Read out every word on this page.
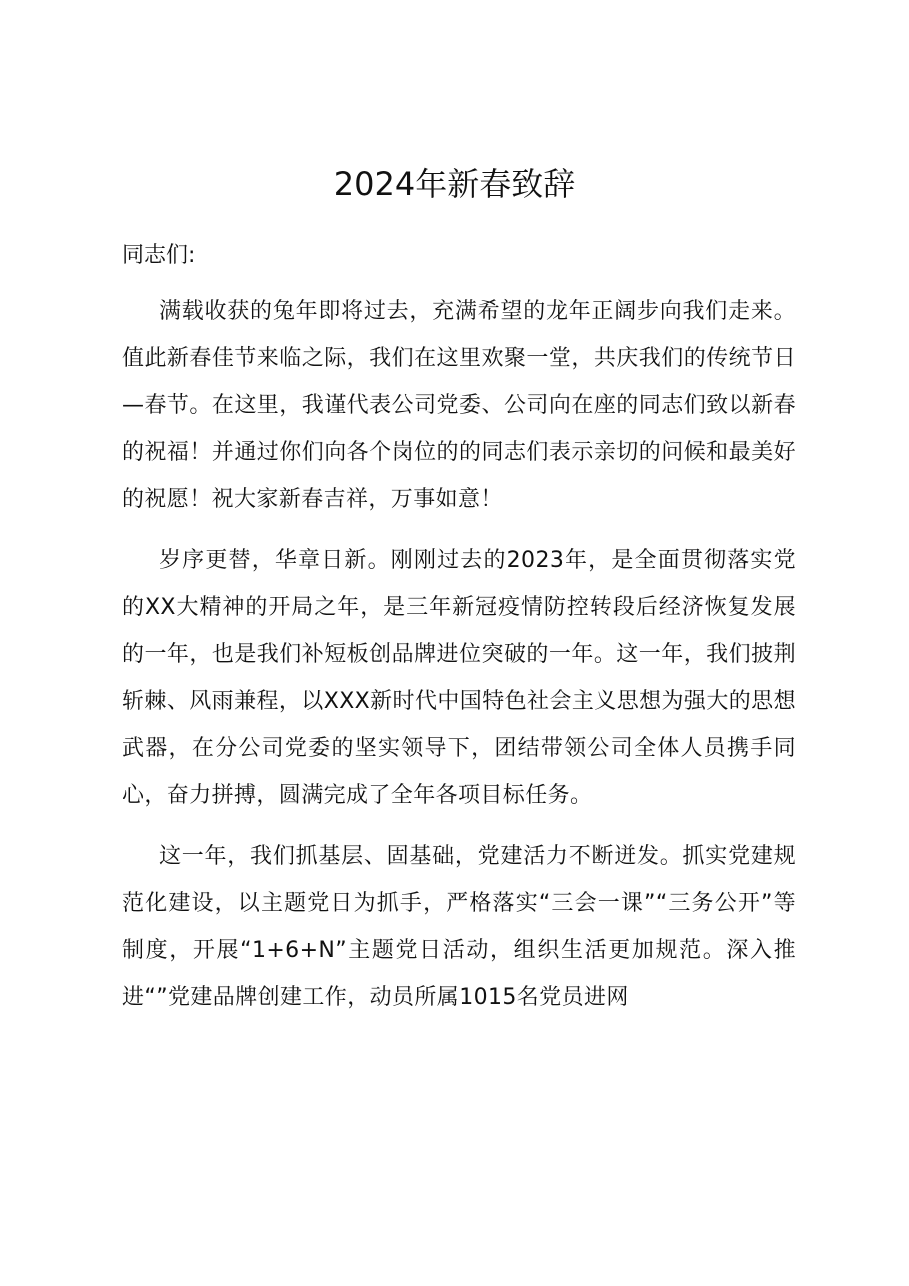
2024年新春致辞

同志们:

满载收获的兔年即将过去，充满希望的龙年正阔步向我们走来。值此新春佳节来临之际，我们在这里欢聚一堂，共庆我们的传统节日—春节。在这里，我谨代表公司党委、公司向在座的同志们致以新春的祝福！并通过你们向各个岗位的的同志们表示亲切的问候和最美好的祝愿！祝大家新春吉祥，万事如意！

岁序更替，华章日新。刚刚过去的2023年，是全面贯彻落实党的XX大精神的开局之年，是三年新冠疫情防控转段后经济恢复发展的一年，也是我们补短板创品牌进位突破的一年。这一年，我们披荆斩棘、风雨兼程，以XXX新时代中国特色社会主义思想为强大的思想武器，在分公司党委的坚实领导下，团结带领公司全体人员携手同心，奋力拼搏，圆满完成了全年各项目标任务。

这一年，我们抓基层、固基础，党建活力不断迸发。抓实党建规范化建设，以主题党日为抓手，严格落实“三会一课”“三务公开”等制度，开展“1+6+N”主题党日活动，组织生活更加规范。深入推进“”党建品牌创建工作，动员所属1015名党员进网
